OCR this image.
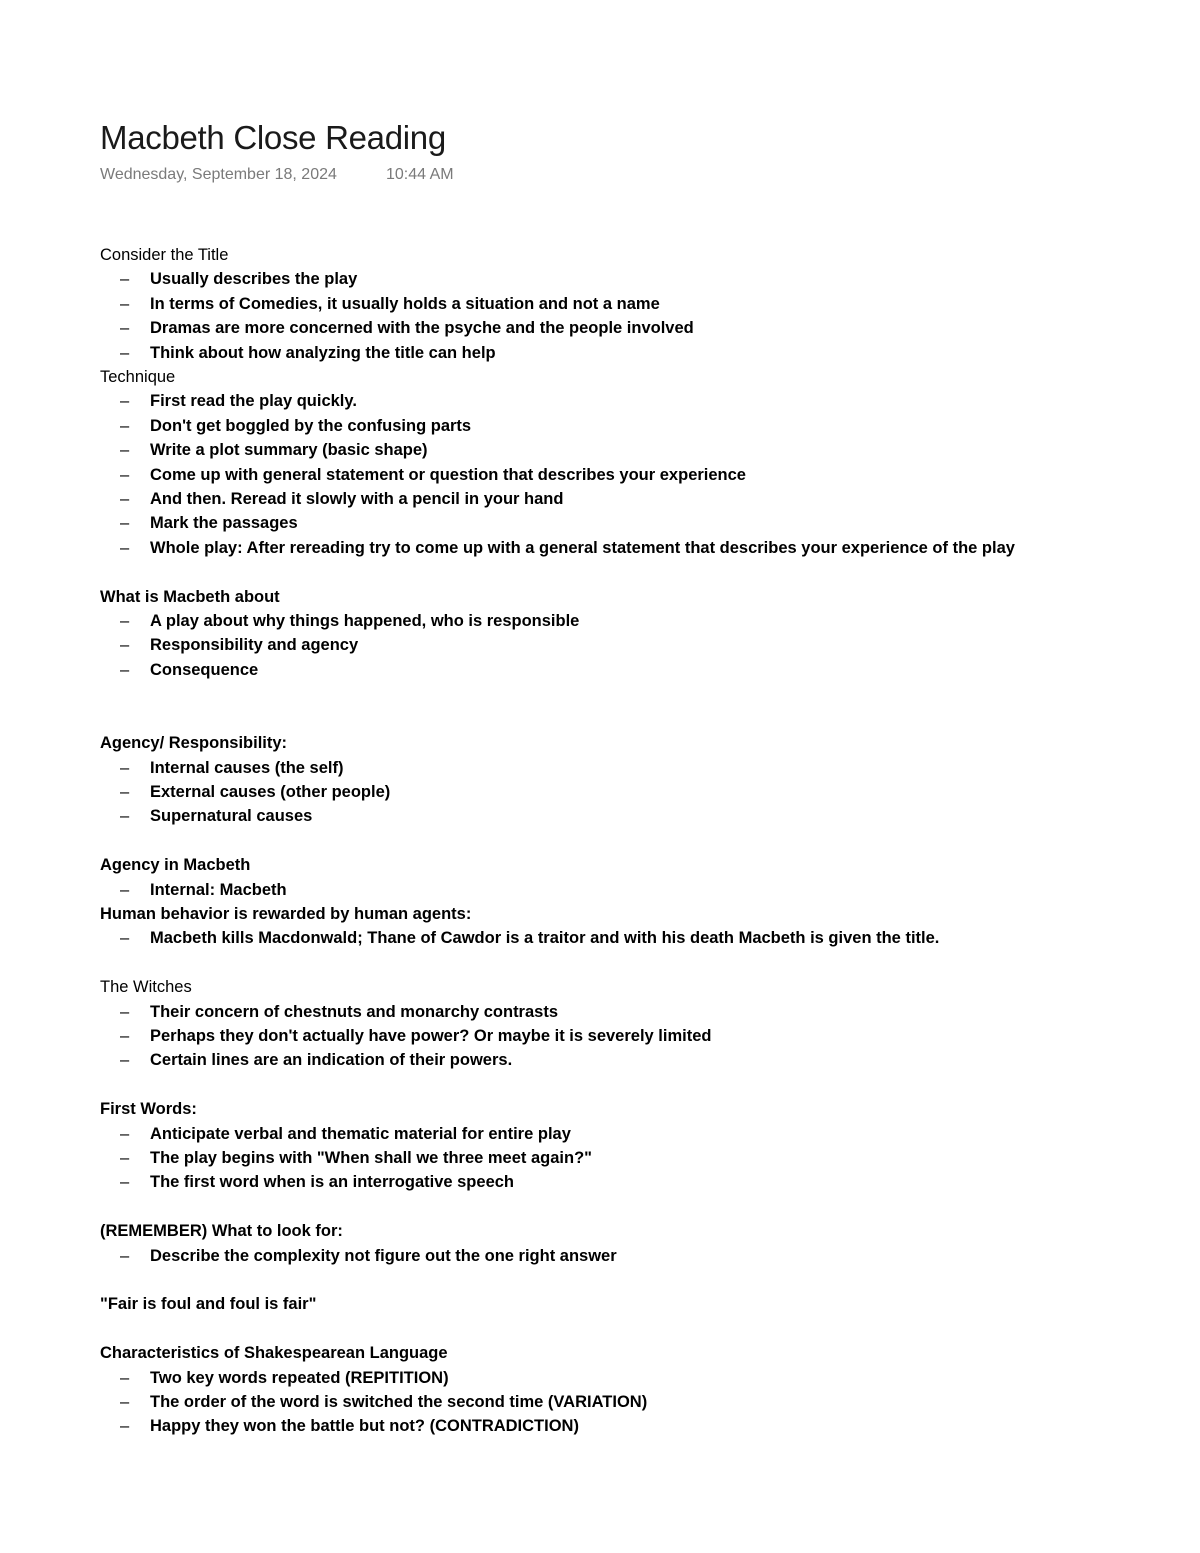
Macbeth Close Reading
Wednesday, September 18, 2024	10:44 AM

Consider the Title

– Usually describes the play
– In terms of Comedies, it usually holds a situation and not a name
– Dramas are more concerned with the psyche and the people involved
– Think about how analyzing the title can help

Technique

– First read the play quickly.
– Don't get boggled by the confusing parts
– Write a plot summary (basic shape)
– Come up with general statement or question that describes your experience
– And then. Reread it slowly with a pencil in your hand
– Mark the passages
– Whole play: After rereading try to come up with a general statement that describes your experience of the play

What is Macbeth about

– A play about why things happened, who is responsible
– Responsibility and agency
– Consequence

Agency/ Responsibility:

– Internal causes (the self)
– External causes (other people)
– Supernatural causes

Agency in Macbeth

– Internal: Macbeth

Human behavior is rewarded by human agents:

– Macbeth kills Macdonwald; Thane of Cawdor is a traitor and with his death Macbeth is given the title.

The Witches

– Their concern of chestnuts and monarchy contrasts
– Perhaps they don't actually have power? Or maybe it is severely limited
– Certain lines are an indication of their powers.

First Words:

– Anticipate verbal and thematic material for entire play
– The play begins with "When shall we three meet again?"
– The first word when is an interrogative speech

(REMEMBER) What to look for:

– Describe the complexity not figure out the one right answer

"Fair is foul and foul is fair"

Characteristics of Shakespearean Language

– Two key words repeated (REPITITION)
– The order of the word is switched the second time (VARIATION)
– Happy they won the battle but not? (CONTRADICTION)
